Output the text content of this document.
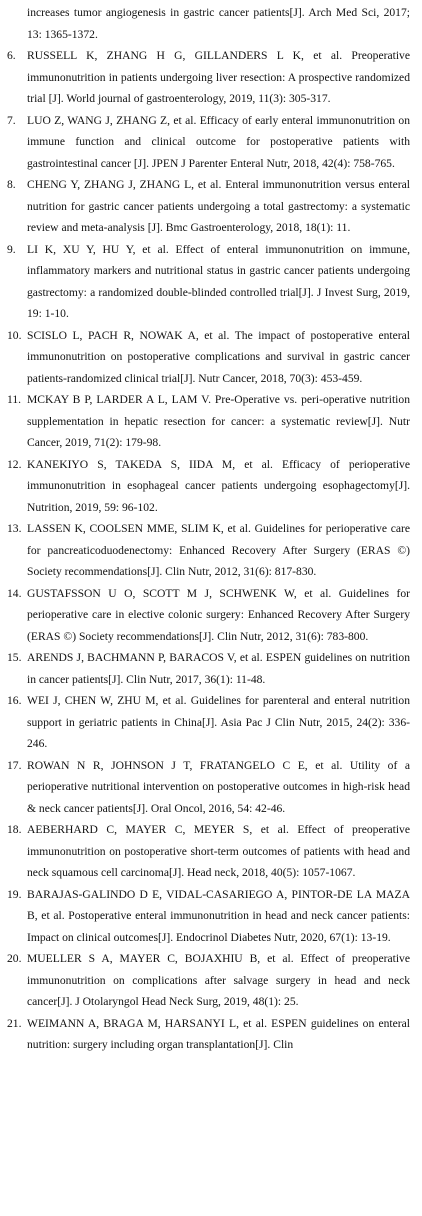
increases tumor angiogenesis in gastric cancer patients[J]. Arch Med Sci, 2017; 13: 1365-1372.
6. RUSSELL K, ZHANG H G, GILLANDERS L K, et al. Preoperative immunonutrition in patients undergoing liver resection: A prospective randomized trial [J]. World journal of gastroenterology, 2019, 11(3): 305-317.
7. LUO Z, WANG J, ZHANG Z, et al. Efficacy of early enteral immunonutrition on immune function and clinical outcome for postoperative patients with gastrointestinal cancer [J]. JPEN J Parenter Enteral Nutr, 2018, 42(4): 758-765.
8. CHENG Y, ZHANG J, ZHANG L, et al. Enteral immunonutrition versus enteral nutrition for gastric cancer patients undergoing a total gastrectomy: a systematic review and meta-analysis [J]. Bmc Gastroenterology, 2018, 18(1): 11.
9. LI K, XU Y, HU Y, et al. Effect of enteral immunonutrition on immune, inflammatory markers and nutritional status in gastric cancer patients undergoing gastrectomy: a randomized double-blinded controlled trial[J]. J Invest Surg, 2019, 19: 1-10.
10. SCISLO L, PACH R, NOWAK A, et al. The impact of postoperative enteral immunonutrition on postoperative complications and survival in gastric cancer patients-randomized clinical trial[J]. Nutr Cancer, 2018, 70(3): 453-459.
11. MCKAY B P, LARDER A L, LAM V. Pre-Operative vs. peri-operative nutrition supplementation in hepatic resection for cancer: a systematic review[J]. Nutr Cancer, 2019, 71(2): 179-98.
12. KANEKIYO S, TAKEDA S, IIDA M, et al. Efficacy of perioperative immunonutrition in esophageal cancer patients undergoing esophagectomy[J]. Nutrition, 2019, 59: 96-102.
13. LASSEN K, COOLSEN MME, SLIM K, et al. Guidelines for perioperative care for pancreaticoduodenectomy: Enhanced Recovery After Surgery (ERAS ©) Society recommendations[J]. Clin Nutr, 2012, 31(6): 817-830.
14. GUSTAFSSON U O, SCOTT M J, SCHWENK W, et al. Guidelines for perioperative care in elective colonic surgery: Enhanced Recovery After Surgery (ERAS ©) Society recommendations[J]. Clin Nutr, 2012, 31(6): 783-800.
15. ARENDS J, BACHMANN P, BARACOS V, et al. ESPEN guidelines on nutrition in cancer patients[J]. Clin Nutr, 2017, 36(1): 11-48.
16. WEI J, CHEN W, ZHU M, et al. Guidelines for parenteral and enteral nutrition support in geriatric patients in China[J]. Asia Pac J Clin Nutr, 2015, 24(2): 336-246.
17. ROWAN N R, JOHNSON J T, FRATANGELO C E, et al. Utility of a perioperative nutritional intervention on postoperative outcomes in high-risk head & neck cancer patients[J]. Oral Oncol, 2016, 54: 42-46.
18. AEBERHARD C, MAYER C, MEYER S, et al. Effect of preoperative immunonutrition on postoperative short-term outcomes of patients with head and neck squamous cell carcinoma[J]. Head neck, 2018, 40(5): 1057-1067.
19. BARAJAS-GALINDO D E, VIDAL-CASARIEGO A, PINTOR-DE LA MAZA B, et al. Postoperative enteral immunonutrition in head and neck cancer patients: Impact on clinical outcomes[J]. Endocrinol Diabetes Nutr, 2020, 67(1): 13-19.
20. MUELLER S A, MAYER C, BOJAXHIU B, et al. Effect of preoperative immunonutrition on complications after salvage surgery in head and neck cancer[J]. J Otolaryngol Head Neck Surg, 2019, 48(1): 25.
21. WEIMANN A, BRAGA M, HARSANYI L, et al. ESPEN guidelines on enteral nutrition: surgery including organ transplantation[J]. Clin
